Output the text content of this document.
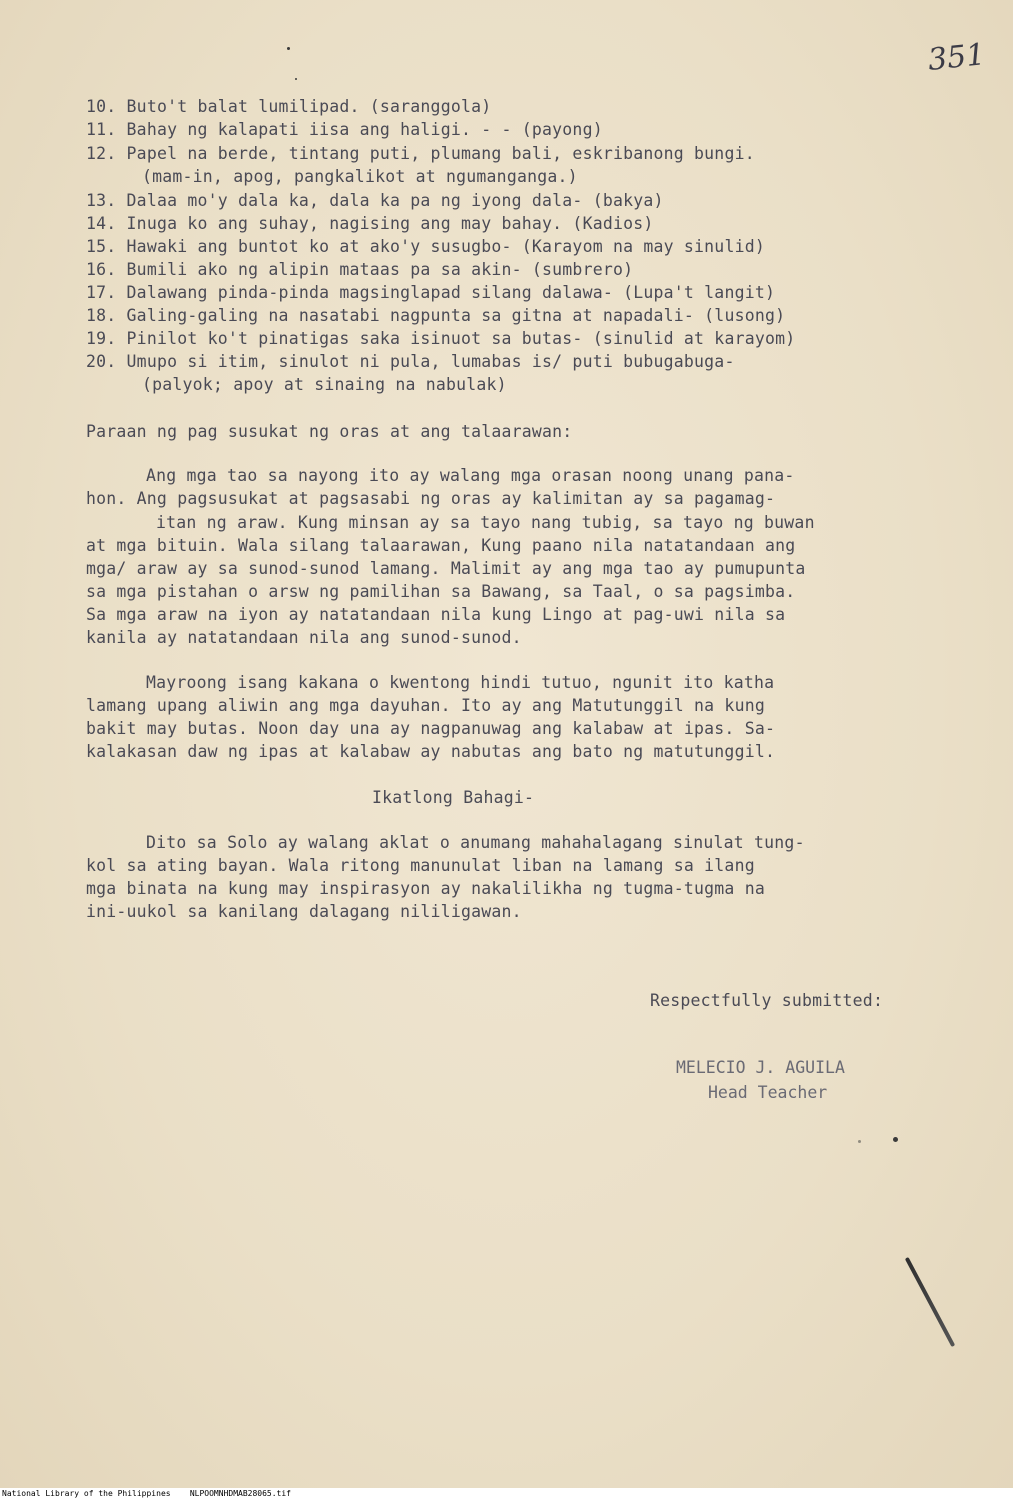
351
10. Buto't balat lumilipad. (saranggola)
11. Bahay ng kalapati iisa ang haligi. - - (payong)
12. Papel na berde, tintang puti, plumang bali, eskribanong bungi.
(mam-in, apog, pangkalikot at ngumanganga.)
13. Dalaa mo'y dala ka, dala ka pa ng iyong dala- (bakya)
14. Inuga ko ang suhay, nagising ang may bahay. (Kadios)
15. Hawaki ang buntot ko at ako'y susugbo- (Karayom na may sinulid)
16. Bumili ako ng alipin mataas pa sa akin- (sumbrero)
17. Dalawang pinda-pinda magsinglapad silang dalawa- (Lupa't langit)
18. Galing-galing na nasatabi nagpunta sa gitna at napadali- (lusong)
19. Pinilot ko't pinatigas saka isinuot sa butas- (sinulid at karayom)
20. Umupo si itim, sinulot ni pula, lumabas is/ puti bubugabuga-
(palyok; apoy at sinaing na nabulak)
Paraan ng pag susukat ng oras at ang talaarawan:
Ang mga tao sa nayong ito ay walang mga orasan noong unang pana-
hon. Ang pagsusukat at pagsasabi ng oras ay kalimitan ay sa pagamag-
itan ng araw. Kung minsan ay sa tayo nang tubig, sa tayo ng buwan
at mga bituin. Wala silang talaarawan, Kung paano nila natatandaan ang
mga/ araw ay sa sunod-sunod lamang. Malimit ay ang mga tao ay pumupunta
sa mga pistahan o arsw ng pamilihan sa Bawang, sa Taal, o sa pagsimba.
Sa mga araw na iyon ay natatandaan nila kung Lingo at pag-uwi nila sa
kanila ay natatandaan nila ang sunod-sunod.
Mayroong isang kakana o kwentong hindi tutuo, ngunit ito katha
lamang upang aliwin ang mga dayuhan. Ito ay ang Matutunggil na kung
bakit may butas. Noon day una ay nagpanuwag ang kalabaw at ipas. Sa-
kalakasan daw ng ipas at kalabaw ay nabutas ang bato ng matutunggil.
Ikatlong Bahagi-
Dito sa Solo ay walang aklat o anumang mahahalagang sinulat tung-
kol sa ating bayan. Wala ritong manunulat liban na lamang sa ilang
mga binata na kung may inspirasyon ay nakalilikha ng tugma-tugma na
ini-uukol sa kanilang dalagang nililigawan.
Respectfully submitted:
MELECIO J. AGUILA
Head Teacher
National Library of the Philippines NLPOOMNHDMAB28065.tif
